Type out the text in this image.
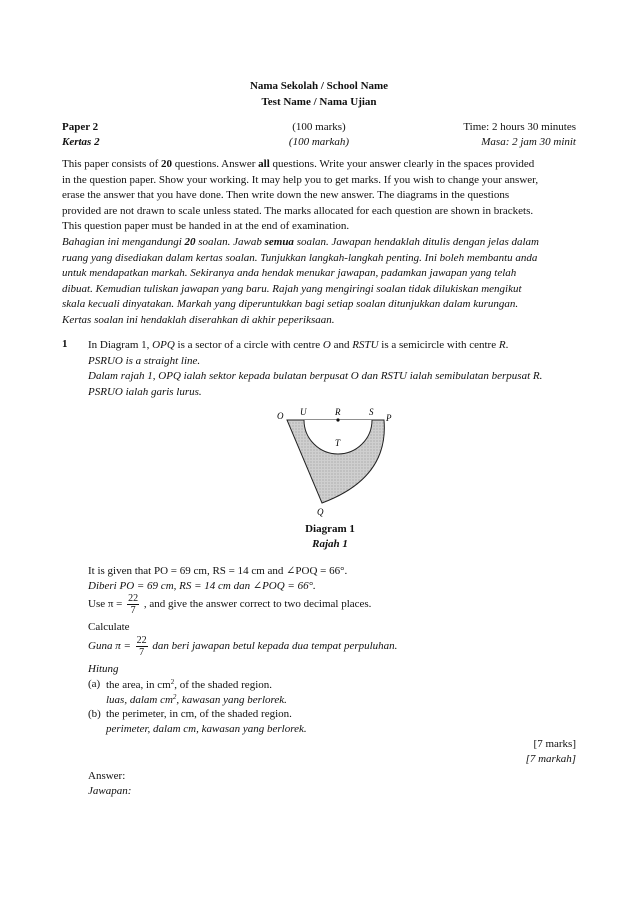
Nama Sekolah / School Name
Test Name / Nama Ujian
Paper 2
Kertas 2
(100 marks)
(100 markah)
Time: 2 hours 30 minutes
Masa: 2 jam 30 minit

This paper consists of 20 questions. Answer all questions. Write your answer clearly in the spaces provided

in the question paper. Show your working. It may help you to get marks. If you wish to change your answer,

erase the answer that you have done. Then write down the new answer. The diagrams in the questions

provided are not drawn to scale unless stated. The marks allocated for each question are shown in brackets.

This question paper must be handed in at the end of examination.

Bahagian ini mengandungi 20 soalan. Jawab semua soalan. Jawapan hendaklah ditulis dengan jelas dalam

ruang yang disediakan dalam kertas soalan. Tunjukkan langkah-langkah penting. Ini boleh membantu anda

untuk mendapatkan markah. Sekiranya anda hendak menukar jawapan, padamkan jawapan yang telah

dibuat. Kemudian tuliskan jawapan yang baru. Rajah yang mengiringi soalan tidak dilukiskan mengikut

skala kecuali dinyatakan. Markah yang diperuntukkan bagi setiap soalan ditunjukkan dalam kurungan.

Kertas soalan ini hendaklah diserahkan di akhir peperiksaan.

1 In Diagram 1, OPQ is a sector of a circle with centre O and RSTU is a semicircle with centre R.
PSRUO is a straight line.
Dalam rajah 1, OPQ ialah sektor kepada bulatan berpusat O dan RSTU ialah semibulatan berpusat R.
PSRUO ialah garis lurus.
O U	R	S
P
T
Q
Diagram 1
Rajah 1
It is given that PO = 69 cm, RS = 14 cm and ∠POQ = 66°.
Diberi PO = 69 cm, RS = 14 cm dan ∠POQ = 66°.
Use $\pi = \frac{22}{7}$ , and give the answer correct to two decimal places.
Calculate
Guna $\pi = \frac{22}{7}$ dan beri jawapan betul kepada dua tempat perpuluhan.
Hitung
(a) the area, in $cm^2$, of the shaded region.
luas, dalam $cm^2$, kawasan yang berlorek.
(b) the perimeter, in cm, of the shaded region.
perimeter, dalam cm, kawasan yang berlorek.
[7 marks]
[7 markah]
Answer:
Jawapan:
